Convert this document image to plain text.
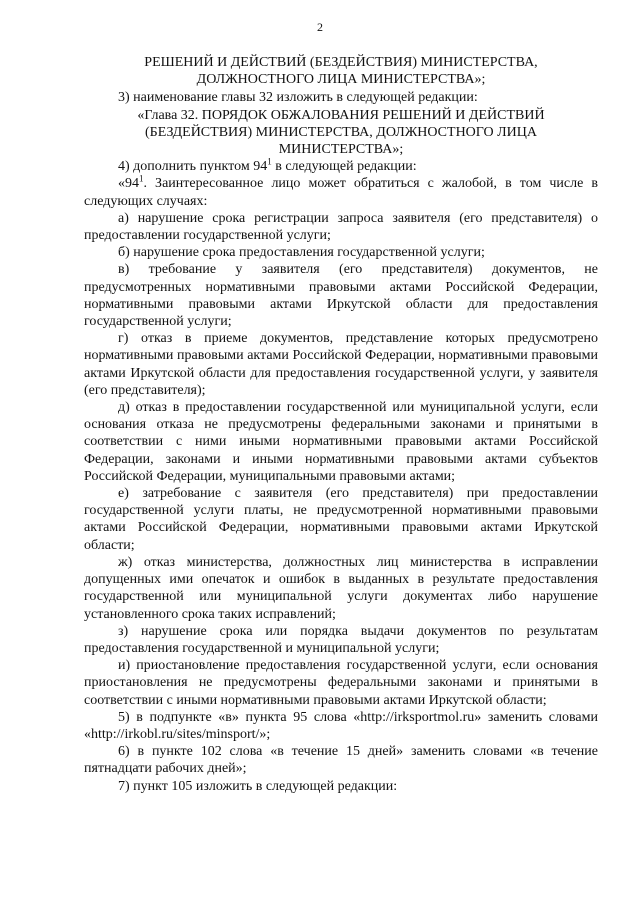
2

РЕШЕНИЙ И ДЕЙСТВИЙ (БЕЗДЕЙСТВИЯ) МИНИСТЕРСТВА,

ДОЛЖНОСТНОГО ЛИЦА МИНИСТЕРСТВА»;

3) наименование главы 32 изложить в следующей редакции:

«Глава 32. ПОРЯДОК ОБЖАЛОВАНИЯ РЕШЕНИЙ И ДЕЙСТВИЙ

(БЕЗДЕЙСТВИЯ) МИНИСТЕРСТВА, ДОЛЖНОСТНОГО ЛИЦА

МИНИСТЕРСТВА»;

4) дополнить пунктом $94^1$ в следующей редакции:

«$94^1$. Заинтересованное лицо может обратиться с жалобой, в том числе в следующих случаях:

а) нарушение срока регистрации запроса заявителя (его представителя) о предоставлении государственной услуги;

б) нарушение срока предоставления государственной услуги;

в) требование у заявителя (его представителя) документов, не предусмотренных нормативными правовыми актами Российской Федерации, нормативными правовыми актами Иркутской области для предоставления государственной услуги;

г) отказ в приеме документов, представление которых предусмотрено нормативными правовыми актами Российской Федерации, нормативными правовыми актами Иркутской области для предоставления государственной услуги, у заявителя (его представителя);

д) отказ в предоставлении государственной или муниципальной услуги, если основания отказа не предусмотрены федеральными законами и принятыми в соответствии с ними иными нормативными правовыми актами Российской Федерации, законами и иными нормативными правовыми актами субъектов Российской Федерации, муниципальными правовыми актами;

е) затребование с заявителя (его представителя) при предоставлении государственной услуги платы, не предусмотренной нормативными правовыми актами Российской Федерации, нормативными правовыми актами Иркутской области;

ж) отказ министерства, должностных лиц министерства в исправлении допущенных ими опечаток и ошибок в выданных в результате предоставления государственной или муниципальной услуги документах либо нарушение установленного срока таких исправлений;

з) нарушение срока или порядка выдачи документов по результатам предоставления государственной и муниципальной услуги;

и) приостановление предоставления государственной услуги, если основания приостановления не предусмотрены федеральными законами и принятыми в соответствии с иными нормативными правовыми актами Иркутской области;

5) в подпункте «в» пункта 95 слова «http://irksportmol.ru» заменить словами «http://irkobl.ru/sites/minsport/»;

6) в пункте 102 слова «в течение 15 дней» заменить словами «в течение пятнадцати рабочих дней»;

7) пункт 105 изложить в следующей редакции:
